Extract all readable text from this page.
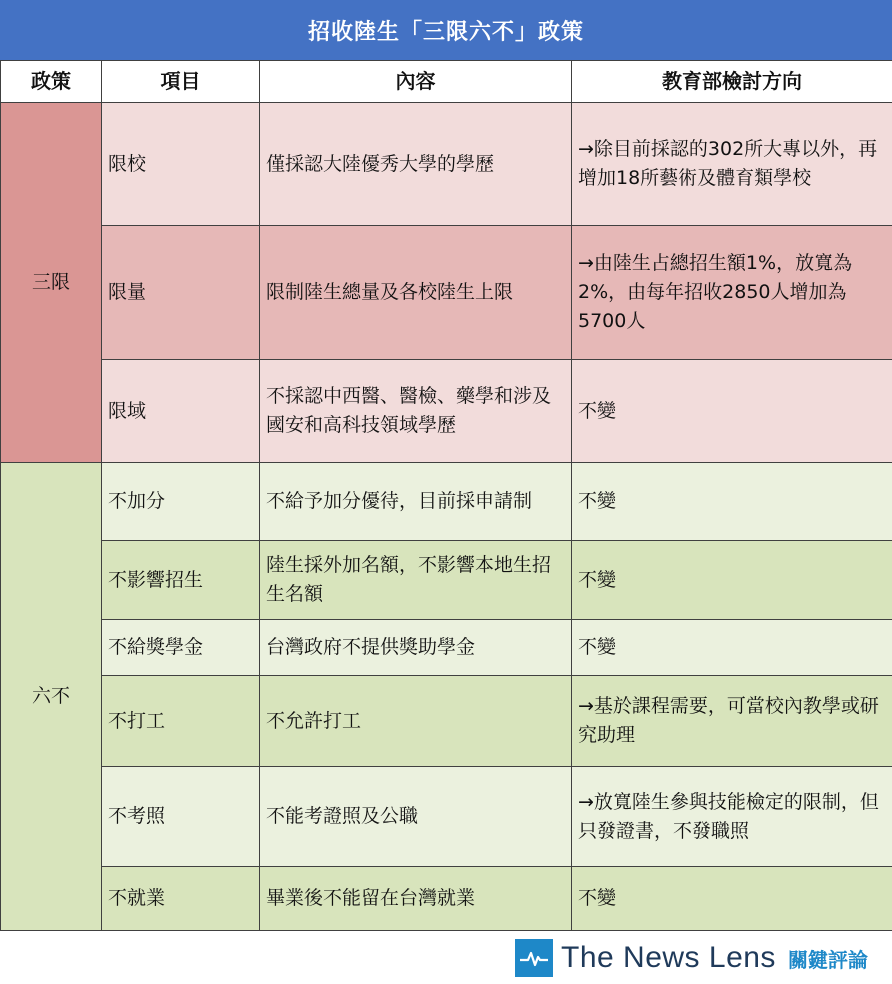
招收陸生「三限六不」政策
政策	項目	內容	教育部檢討方向
三限	限校	僅採認大陸優秀大學的學歷	→除目前採認的302所大專以外，再增加18所藝術及體育類學校
	限量	限制陸生總量及各校陸生上限	→由陸生占總招生額1%，放寬為2%，由每年招收2850人增加為5700人
	限域	不採認中西醫、醫檢、藥學和涉及國安和高科技領域學歷	不變
六不	不加分	不給予加分優待，目前採申請制	不變
	不影響招生	陸生採外加名額，不影響本地生招生名額	不變
	不給獎學金	台灣政府不提供獎助學金	不變
	不打工	不允許打工	→基於課程需要，可當校內教學或研究助理
	不考照	不能考證照及公職	→放寬陸生參與技能檢定的限制，但只發證書，不發職照
	不就業	畢業後不能留在台灣就業	不變
The News Lens 關鍵評論
